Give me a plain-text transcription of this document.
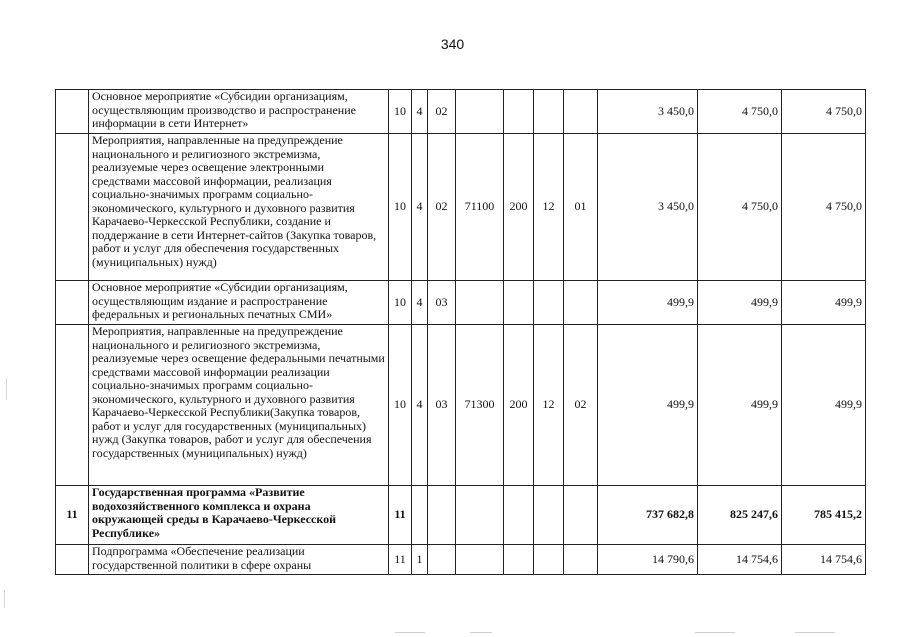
340
	Основное мероприятие «Субсидии организациям, осуществляющим производство и распространение информации в сети Интернет»	10	4	02					3 450,0	4 750,0	4 750,0
	Мероприятия, направленные на предупреждение национального и религиозного экстремизма, реализуемые через освещение электронными средствами массовой информации, реализация социально-значимых программ социально-экономического, культурного и духовного развития Карачаево-Черкесской Республики, создание и поддержание в сети Интернет-сайтов (Закупка товаров, работ и услуг для обеспечения государственных (муниципальных) нужд)	10	4	02	71100	200	12	01	3 450,0	4 750,0	4 750,0
	Основное мероприятие «Субсидии организациям, осуществляющим издание и распространение федеральных и региональных печатных СМИ»	10	4	03					499,9	499,9	499,9
	Мероприятия, направленные на предупреждение национального и религиозного экстремизма, реализуемые через освещение федеральными печатными средствами массовой информации реализации социально-значимых программ социально-экономического, культурного и духовного развития Карачаево-Черкесской Республики(Закупка товаров, работ и услуг для государственных (муниципальных) нужд (Закупка товаров, работ и услуг для обеспечения государственных (муниципальных) нужд)	10	4	03	71300	200	12	02	499,9	499,9	499,9
11	Государственная программа «Развитие водохозяйственного комплекса и охрана окружающей среды в Карачаево-Черкесской Республике»	11							737 682,8	825 247,6	785 415,2
	Подпрограмма «Обеспечение реализации государственной политики в сфере охраны	11	1						14 790,6	14 754,6	14 754,6
